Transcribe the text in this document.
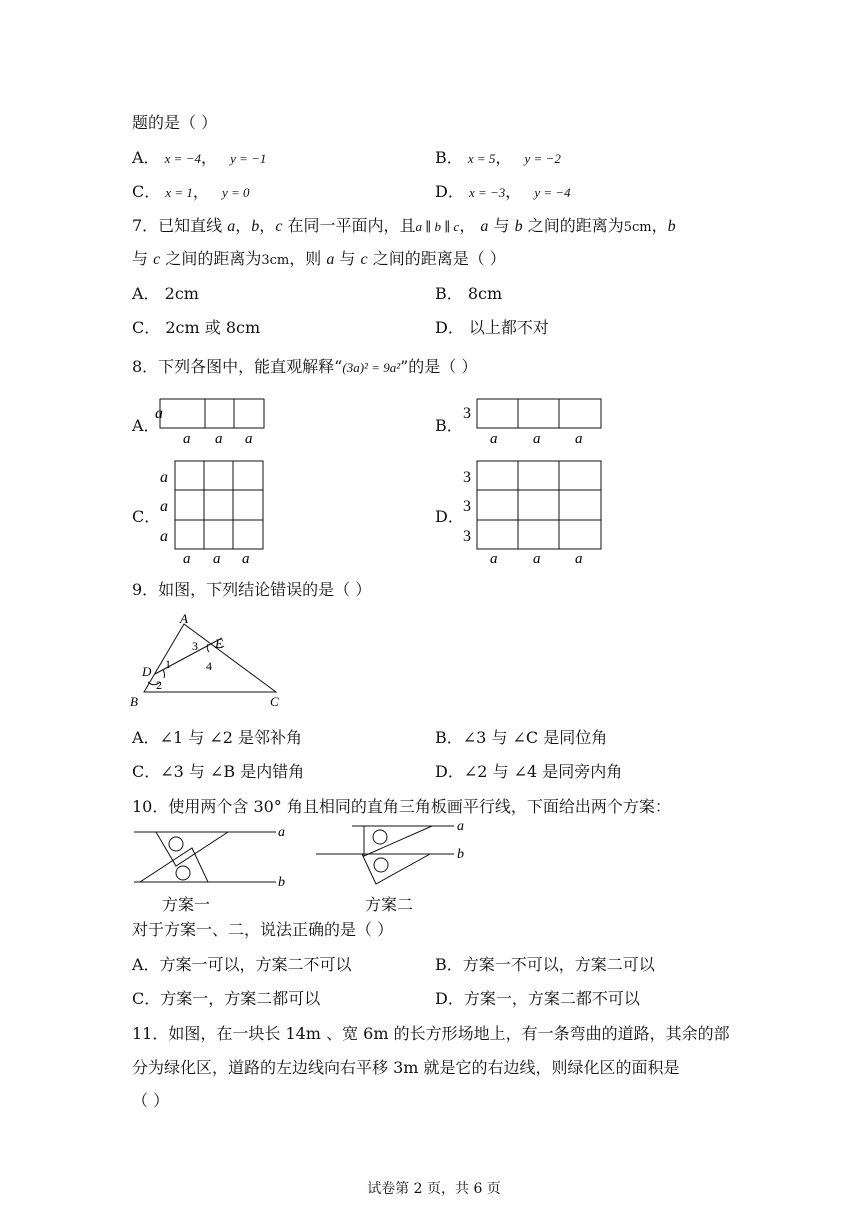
题的是（ ）
A． x = −4， y = −1	B． x = 5， y = −2
C． x = 1， y = 0	D． x = −3， y = −4
7．已知直线 a，b，c 在同一平面内，且a ∥ b ∥ c， a 与 b 之间的距离为5cm，b
与 c 之间的距离为3cm，则 a 与 c 之间的距离是（ ）
A． 2cm	B． 8cm
C． 2cm 或 8cm	D． 以上都不对
8．下列各图中，能直观解释“(3a)² = 9a²”的是（ ）
A．
a
a a a
B．
3
a a a
C．
a
a
a
a a a
D．
3
3
3
a a a
9．如图，下列结论错误的是（ ）
A
B	C
D
E
1
2
3
4
A．∠1 与 ∠2 是邻补角	B．∠3 与 ∠C 是同位角
C．∠3 与 ∠B 是内错角	D．∠2 与 ∠4 是同旁内角
10．使用两个含 30° 角且相同的直角三角板画平行线，下面给出两个方案：
a
b
方案一
a
b
方案二
对于方案一、二，说法正确的是（ ）
A．方案一可以，方案二不可以	B．方案一不可以，方案二可以
C．方案一，方案二都可以	D．方案一，方案二都不可以
11．如图，在一块长 14m 、宽 6m 的长方形场地上，有一条弯曲的道路，其余的部
分为绿化区，道路的左边线向右平移 3m 就是它的右边线，则绿化区的面积是
（ ）
试卷第 2 页，共 6 页
